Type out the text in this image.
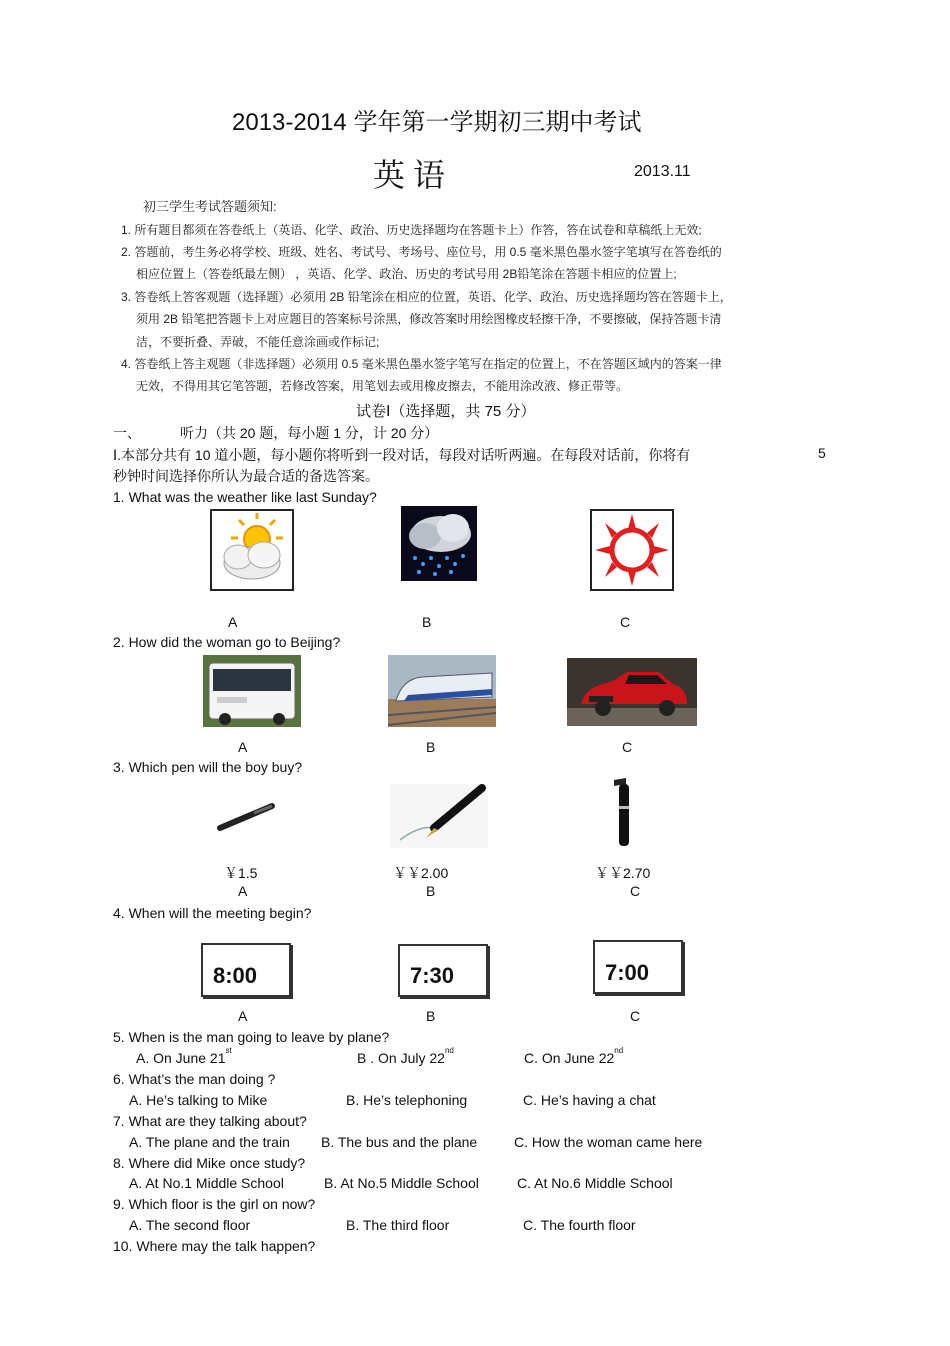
2013-2014 学年第一学期初三期中考试
英 语	2013.11
初三学生考试答题须知:
1. 所有题目都须在答卷纸上（英语、化学、政治、历史选择题均在答题卡上）作答，答在试卷和草稿纸上无效;
2. 答题前，考生务必将学校、班级、姓名、考试号、考场号、座位号，用 0.5 毫米黑色墨水签字笔填写在答卷纸的
相应位置上（答卷纸最左侧） ，英语、化学、政治、历史的考试号用 2B铅笔涂在答题卡相应的位置上;
3. 答卷纸上答客观题（选择题）必须用 2B 铅笔涂在相应的位置，英语、化学、政治、历史选择题均答在答题卡上，
须用 2B 铅笔把答题卡上对应题目的答案标号涂黑，修改答案时用绘图橡皮轻擦干净，不要擦破，保持答题卡清
洁，不要折叠、弄破，不能任意涂画或作标记;
4. 答卷纸上答主观题（非选择题）必须用 0.5 毫米黑色墨水签字笔写在指定的位置上，不在答题区域内的答案一律
无效，不得用其它笔答题，若修改答案，用笔划去或用橡皮擦去，不能用涂改液、修正带等。
试卷Ⅰ（选择题，共 75 分）
一、	听力（共 20 题，每小题 1 分，计 20 分）
Ⅰ.本部分共有 10 道小题，每小题你将听到一段对话，每段对话听两遍。在每段对话前，你将有	5
秒钟时间选择你所认为最合适的备选答案。
1. What was the weather like last Sunday?
A	B	C
2. How did the woman go to Beijing?
A	B	C
3. Which pen will the boy buy?
￥1.5	￥￥2.00	￥￥2.70
A	B	C
4. When will the meeting begin?
8:00	7:30	7:00
A	B	C
5. When is the man going to leave by plane?
A. On June 21st	B . On July 22nd	C. On June 22nd
6. What’s the man doing ?
A. He’s talking to Mike	B. He’s telephoning	C. He’s having a chat
7. What are they talking about?
A. The plane and the train B. The bus and the plane	C. How the woman came here
8. Where did Mike once study?
A. At No.1 Middle School	B. At No.5 Middle School	C. At No.6 Middle School
9. Which floor is the girl on now?
A. The second floor	B. The third floor	C. The fourth floor
10. Where may the talk happen?
